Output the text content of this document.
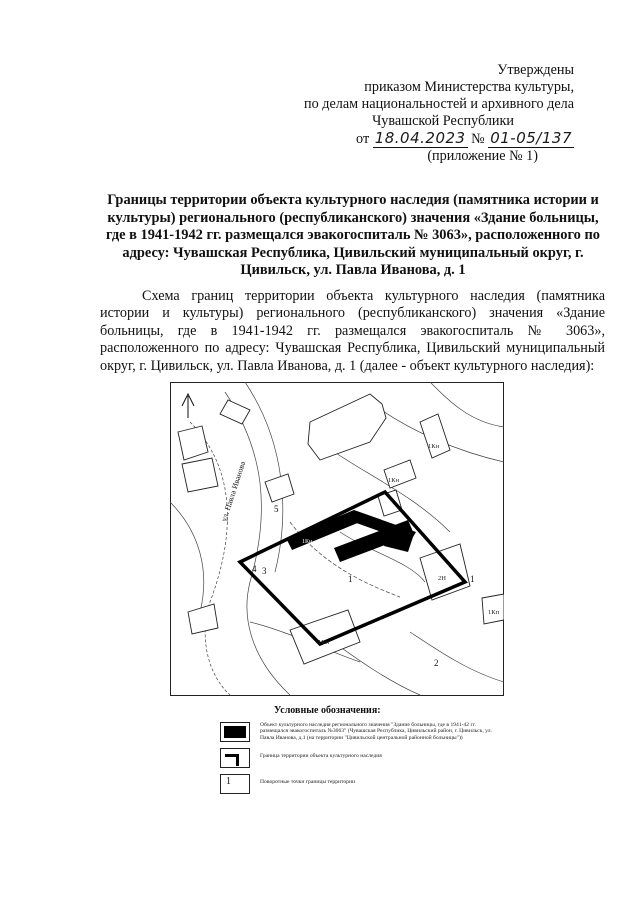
Утверждены
приказом Министерства культуры,
по делам национальностей и архивного дела
Чувашской Республики
от 18.04.2023 № 01-05/137
(приложение № 1)
Границы территории объекта культурного наследия (памятника истории и культуры) регионального (республиканского) значения «Здание больницы, где в 1941-1942 гг. размещался эвакогоспиталь № 3063», расположенного по адресу: Чувашская Республика, Цивильский муниципальный округ, г. Цивильск, ул. Павла Иванова, д. 1
Схема границ территории объекта культурного наследия (памятника истории и культуры) регионального (республиканского) значения «Здание больницы, где в 1941-1942 гг. размещался эвакогоспиталь № 3063», расположенного по адресу: Чувашская Республика, Цивильский муниципальный округ, г. Цивильск, ул. Павла Иванова, д. 1 (далее - объект культурного наследия):
1Кн
2Кн
1Кн
1Кн
1Кп
2Н
1Кн
ул. Павла Иванова
1
2
3
4
5
1
Условные обозначения:
Объект культурного наследия регионального значения "Здание больницы, где в 1941-42 гг. размещался эвакогоспиталь №3063" (Чувашская Республика, Цивильский район, г. Цивильск, ул. Павла Иванова, д.1 (на территории "Цивильской центральной районной больницы"))
Граница территории объекта культурного наследия
1	Поворотные точки границы территории
